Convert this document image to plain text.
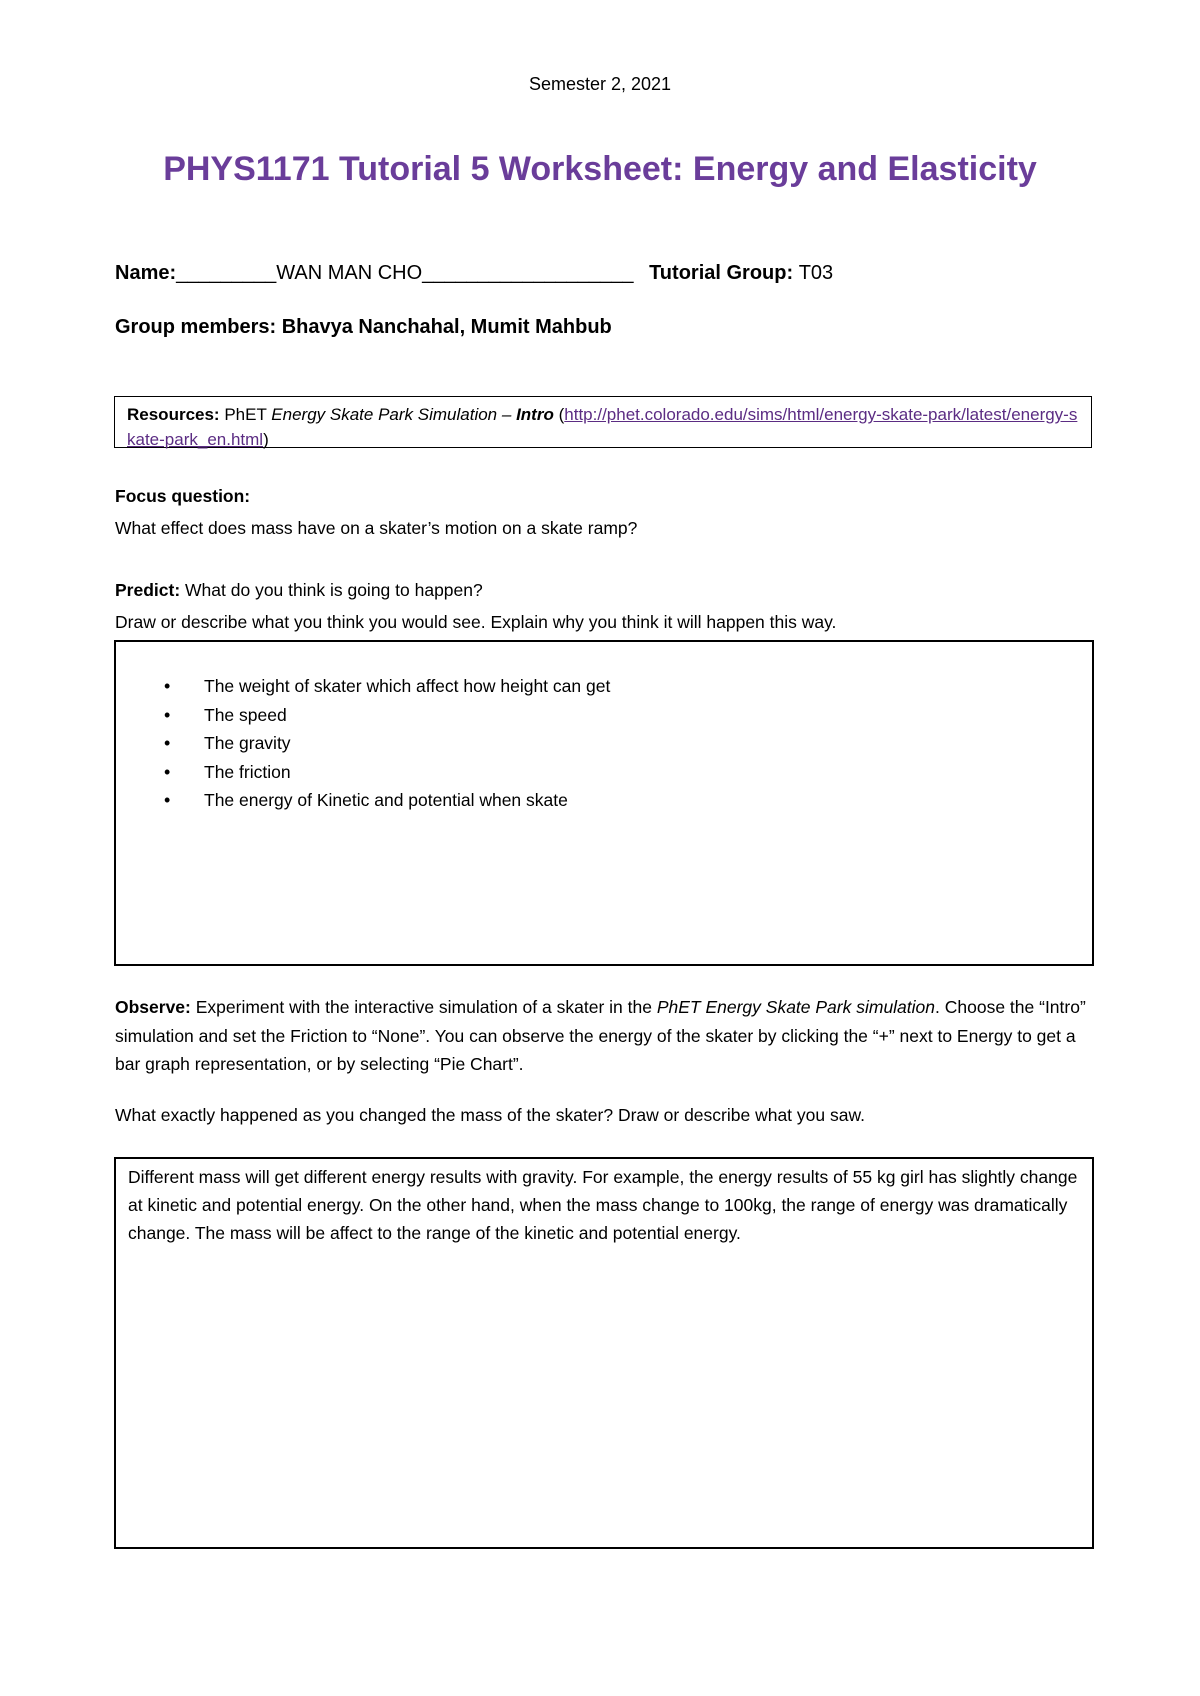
Semester 2, 2021
PHYS1171 Tutorial 5 Worksheet: Energy and Elasticity
Name:_________WAN MAN CHO___________________ Tutorial Group: T03
Group members: Bhavya Nanchahal, Mumit Mahbub
Resources: PhET Energy Skate Park Simulation – Intro (http://phet.colorado.edu/sims/html/energy-skate-park/latest/energy-skate-park_en.html)
Focus question:
What effect does mass have on a skater’s motion on a skate ramp?
Predict: What do you think is going to happen?
Draw or describe what you think you would see. Explain why you think it will happen this way.
• The weight of skater which affect how height can get
• The speed
• The gravity
• The friction
• The energy of Kinetic and potential when skate
Observe: Experiment with the interactive simulation of a skater in the PhET Energy Skate Park simulation. Choose the “Intro” simulation and set the Friction to “None”. You can observe the energy of the skater by clicking the “+” next to Energy to get a bar graph representation, or by selecting “Pie Chart”.
What exactly happened as you changed the mass of the skater? Draw or describe what you saw.
Different mass will get different energy results with gravity. For example, the energy results of 55 kg girl has slightly change at kinetic and potential energy. On the other hand, when the mass change to 100kg, the range of energy was dramatically change. The mass will be affect to the range of the kinetic and potential energy.
